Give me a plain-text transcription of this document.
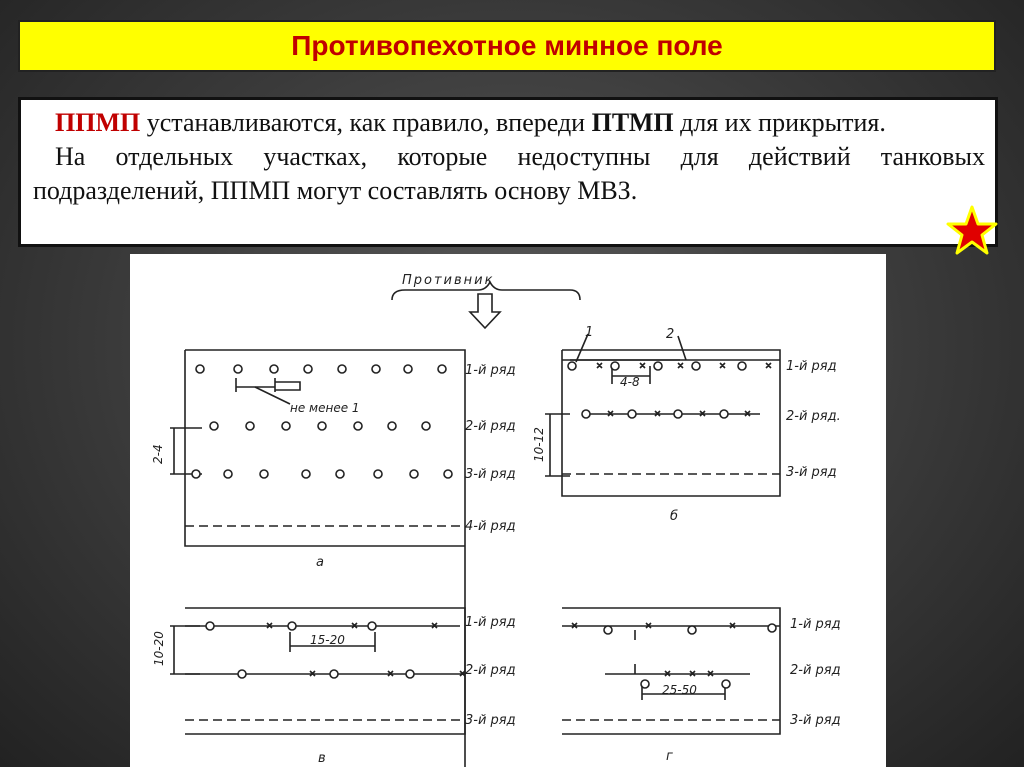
Противопехотное минное поле

ППМП устанавливаются, как правило, впереди ПТМП для их прикрытия.

На отдельных участках, которые недоступны для действий танковых подразделений, ППМП могут составлять основу МВЗ.

Противник
1-й ряд
2-й ряд
3-й ряд
4-й ряд
не менее 1
2-4
а
1-й ряд
2-й ряд.
3-й ряд
4-8
10-12
1	2
б
1-й ряд
2-й ряд
3-й ряд
15-20
10-20
в
1-й ряд
2-й ряд
3-й ряд
25-50
г
